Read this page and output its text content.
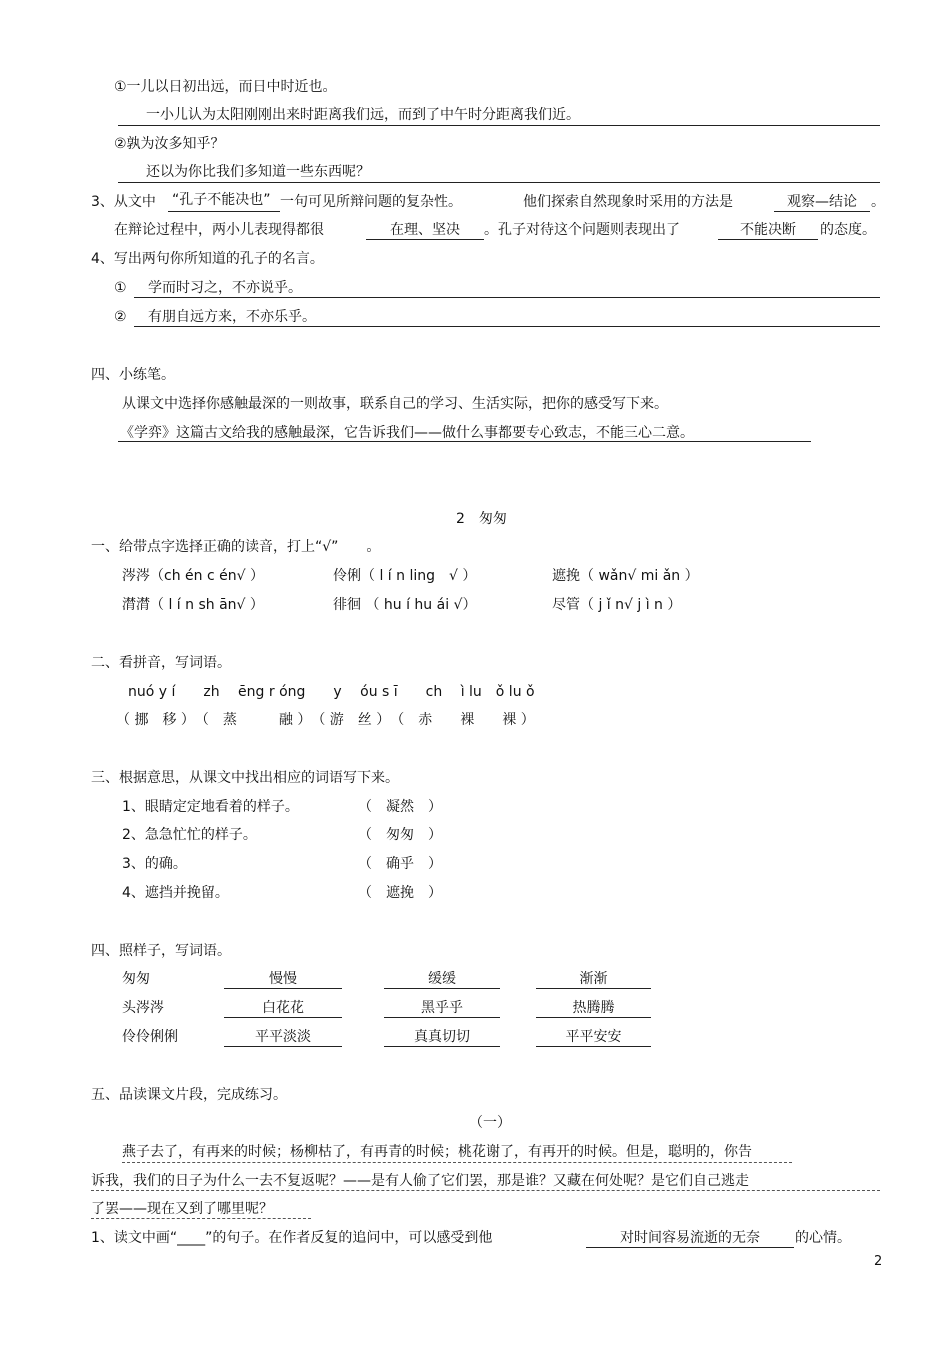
①一儿以日初出远，而日中时近也。
一小儿认为太阳刚刚出来时距离我们远，而到了中午时分距离我们近。
②孰为汝多知乎？
还以为你比我们多知道一些东西呢？
3、从文中 “孔子不能决也” 一句可见所辩问题的复杂性。	他们探索自然现象时采用的方法是	观察—结论	。
在辩论过程中，两小儿表现得都很	在理、坚决	。孔子对待这个问题则表现出了	不能决断	的态度。
4、写出两句你所知道的孔子的名言。
① 学而时习之，不亦说乎。
② 有朋自远方来，不亦乐乎。
四、小练笔。
从课文中选择你感触最深的一则故事，联系自己的学习、生活实际，把你的感受写下来。
《学弈》这篇古文给我的感触最深，它告诉我们——做什么事都要专心致志，不能三心二意。
2　匆匆
一、给带点字选择正确的读音，打上“√”　　。
涔涔（ch én c én√ ）	伶俐（ l í n ling　√ ）	遮挽（ wǎn√ mi ǎn ）
潸潸（ l í n sh ān√ ）	徘徊 （ hu í hu ái √）	尽管（ j ǐ n√ j ì n ）
二、看拼音，写词语。
nuó y í　　zh　 ēng r óng　　y　 óu s ī　　ch　 ì lu　ǒ lu ǒ
（ 挪　移 ）　（　蒸　　　融 ）　（ 游　丝 ）　（　赤　　裸　　裸 ）
三、根据意思，从课文中找出相应的词语写下来。
1、眼睛定定地看着的样子。	（　凝然　）
2、急急忙忙的样子。	（　匆匆　）
3、的确。	（　确乎　）
4、遮挡并挽留。	（　遮挽　）
四、照样子，写词语。
匆匆	慢慢	缓缓	渐渐
头涔涔	白花花	黑乎乎	热腾腾
伶伶俐俐	平平淡淡	真真切切	平平安安
五、品读课文片段，完成练习。
（一）
燕子去了，有再来的时候；杨柳枯了，有再青的时候；桃花谢了，有再开的时候。但是，聪明的，你告
诉我，我们的日子为什么一去不复返呢？——是有人偷了它们罢，那是谁？又藏在何处呢？是它们自己逃走
了罢——现在又到了哪里呢？
1、读文中画“____”的句子。在作者反复的追问中，可以感受到他	对时间容易流逝的无奈	的心情。
2
